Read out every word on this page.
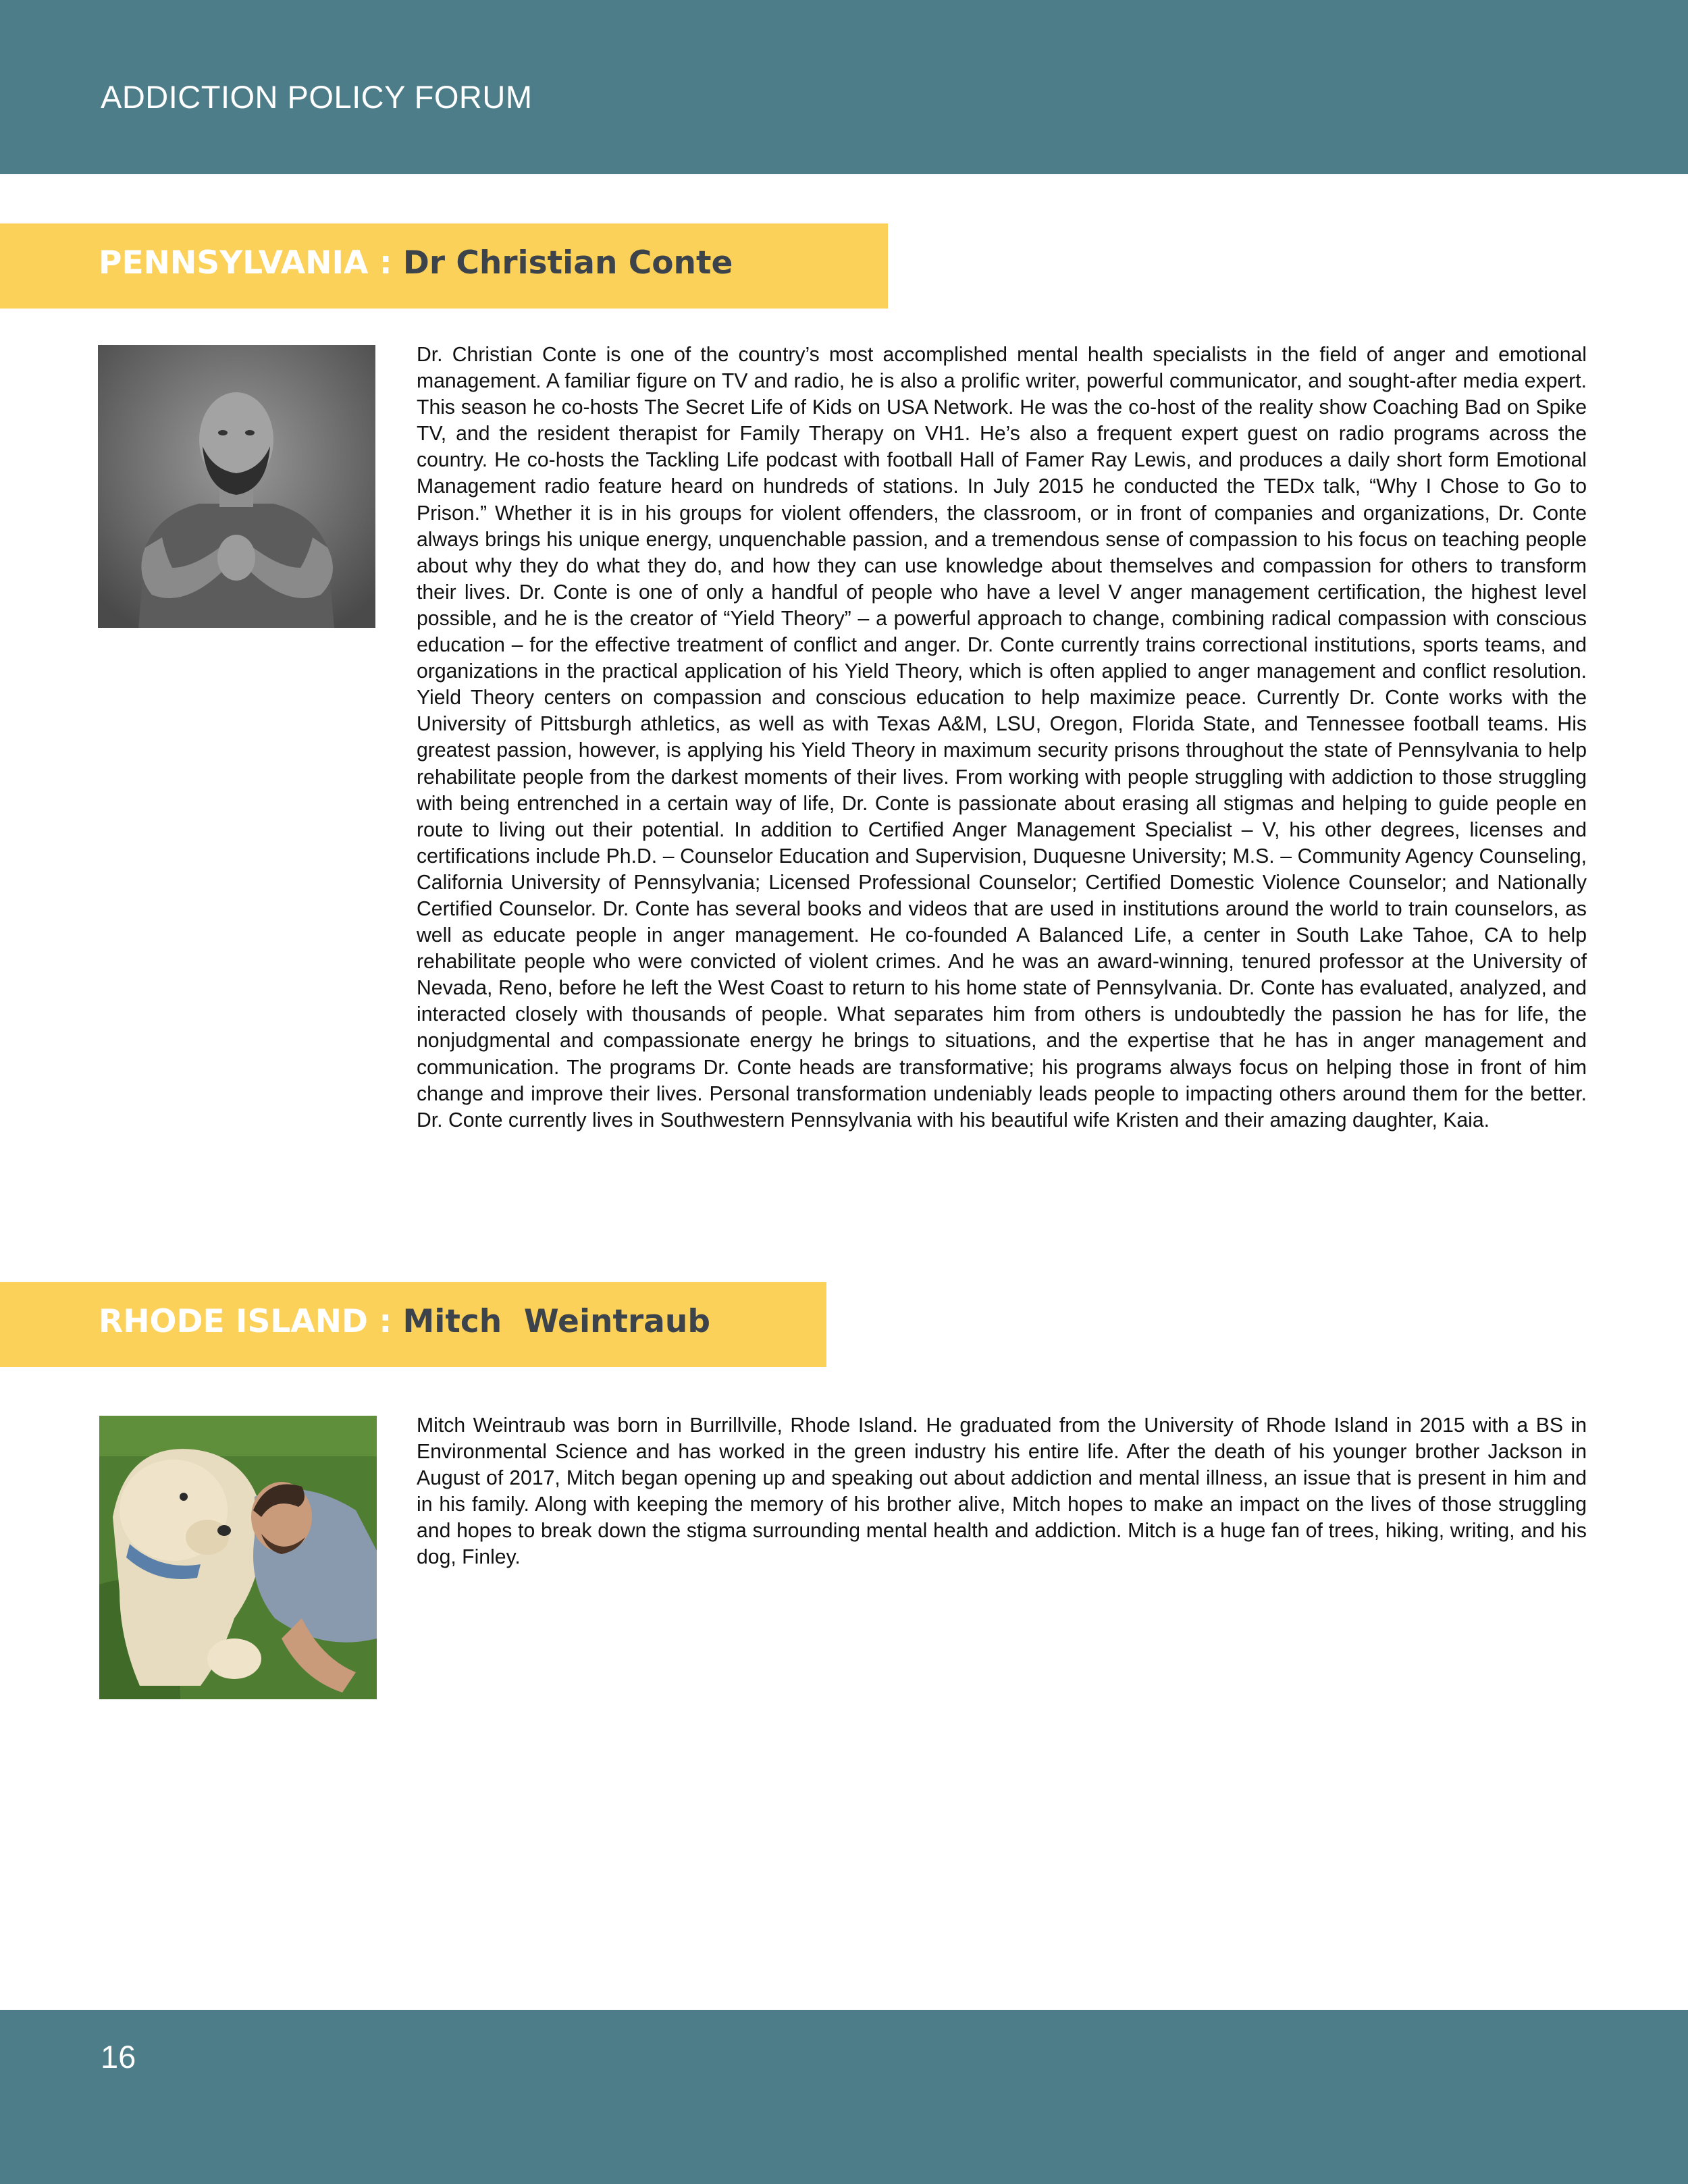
ADDICTION POLICY FORUM
PENNSYLVANIA : Dr Christian Conte
Dr. Christian Conte is one of the country’s most accomplished mental health specialists in the field of anger and emotional management. A familiar figure on TV and radio, he is also a prolific writer, powerful communicator, and sought-after media expert. This season he co-hosts The Secret Life of Kids on USA Network. He was the co-host of the reality show Coaching Bad on Spike TV, and the resident therapist for Family Therapy on VH1. He’s also a frequent expert guest on radio programs across the country. He co-hosts the Tackling Life podcast with football Hall of Famer Ray Lewis, and produces a daily short form Emotional Management radio feature heard on hundreds of stations. In July 2015 he conducted the TEDx talk, “Why I Chose to Go to Prison.” Whether it is in his groups for violent offenders, the classroom, or in front of companies and organizations, Dr. Conte always brings his unique energy, unquenchable passion, and a tremendous sense of compassion to his focus on teaching people about why they do what they do, and how they can use knowledge about themselves and compassion for others to transform their lives. Dr. Conte is one of only a handful of people who have a level V anger management certification, the highest level possible, and he is the creator of “Yield Theory” – a powerful approach to change, combining radical compassion with conscious education – for the effective treatment of conflict and anger. Dr. Conte currently trains correctional institutions, sports teams, and organizations in the practical application of his Yield Theory, which is often applied to anger management and conflict resolution. Yield Theory centers on compassion and conscious education to help maximize peace. Currently Dr. Conte works with the University of Pittsburgh athletics, as well as with Texas A&M, LSU, Oregon, Florida State, and Tennessee football teams. His greatest passion, however, is applying his Yield Theory in maximum security prisons throughout the state of Pennsylvania to help rehabilitate people from the darkest moments of their lives. From working with people struggling with addiction to those struggling with being entrenched in a certain way of life, Dr. Conte is passionate about erasing all stigmas and helping to guide people en route to living out their potential. In addition to Certified Anger Management Specialist – V, his other degrees, licenses and certifications include Ph.D. – Counselor Education and Supervision, Duquesne University; M.S. – Community Agency Counseling, California University of Pennsylvania; Licensed Professional Counselor; Certified Domestic Violence Counselor; and Nationally Certified Counselor. Dr. Conte has several books and videos that are used in institutions around the world to train counselors, as well as educate people in anger management. He co-founded A Balanced Life, a center in South Lake Tahoe, CA to help rehabilitate people who were convicted of violent crimes. And he was an award-winning, tenured professor at the University of Nevada, Reno, before he left the West Coast to return to his home state of Pennsylvania. Dr. Conte has evaluated, analyzed, and interacted closely with thousands of people. What separates him from others is undoubtedly the passion he has for life, the nonjudgmental and compassionate energy he brings to situations, and the expertise that he has in anger management and communication. The programs Dr. Conte heads are transformative; his programs always focus on helping those in front of him change and improve their lives. Personal transformation undeniably leads people to impacting others around them for the better. Dr. Conte currently lives in Southwestern Pennsylvania with his beautiful wife Kristen and their amazing daughter, Kaia.
RHODE ISLAND : Mitch  Weintraub
Mitch Weintraub was born in Burrillville, Rhode Island. He graduated from the University of Rhode Island in 2015 with a BS in Environmental Science and has worked in the green industry his entire life. After the death of his younger brother Jackson in August of 2017, Mitch began opening up and speaking out about addiction and mental illness, an issue that is present in him and in his family. Along with keeping the memory of his brother alive, Mitch hopes to make an impact on the lives of those struggling and hopes to break down the stigma surrounding mental health and addiction. Mitch is a huge fan of trees, hiking, writing, and his dog, Finley.
16
